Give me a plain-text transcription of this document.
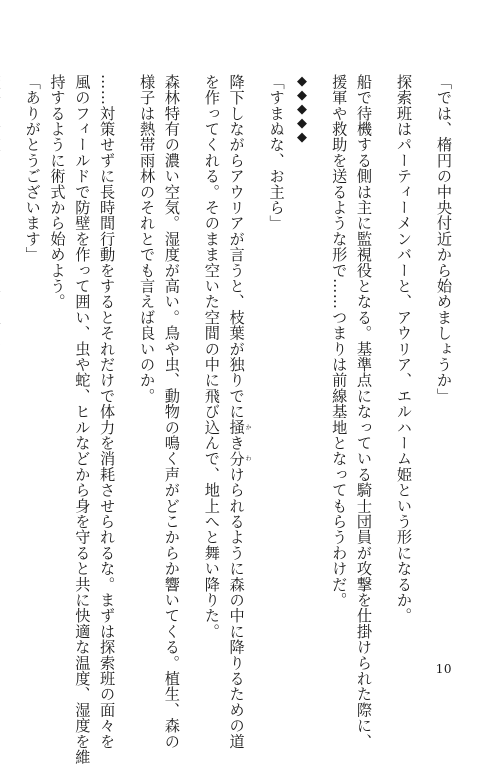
「では、楕円の中央付近から始めましょうか」
探索班はパーティーメンバーと、アウリア、エルハーム姫という形になるか。
船で待機する側は主に監視役となる。基準点になっている騎士団員が攻撃を仕掛けられた際に、
援軍や救助を送るような形で……つまりは前線基地となってもらうわけだ。
◆◆◆◆◆
「すまぬな、お主ら」
降下しながらアウリアが言うと、枝葉が独りでに掻かき分わけられるように森の中に降りるための道
を作ってくれる。そのまま空いた空間の中に飛び込んで、地上へと舞い降りた。
森林特有の濃い空気。湿度が高い。鳥や虫、動物の鳴く声がどこからか響いてくる。植生、森の
様子は熱帯雨林のそれとでも言えば良いのか。
……対策せずに長時間行動をするとそれだけで体力を消耗させられるな。まずは探索班の面々を
風のフィールドで防壁を作って囲い、虫や蛇、ヒルなどから身を守ると共に快適な温度、湿度を維
持するように術式から始めよう。
「ありがとうございます」
10
